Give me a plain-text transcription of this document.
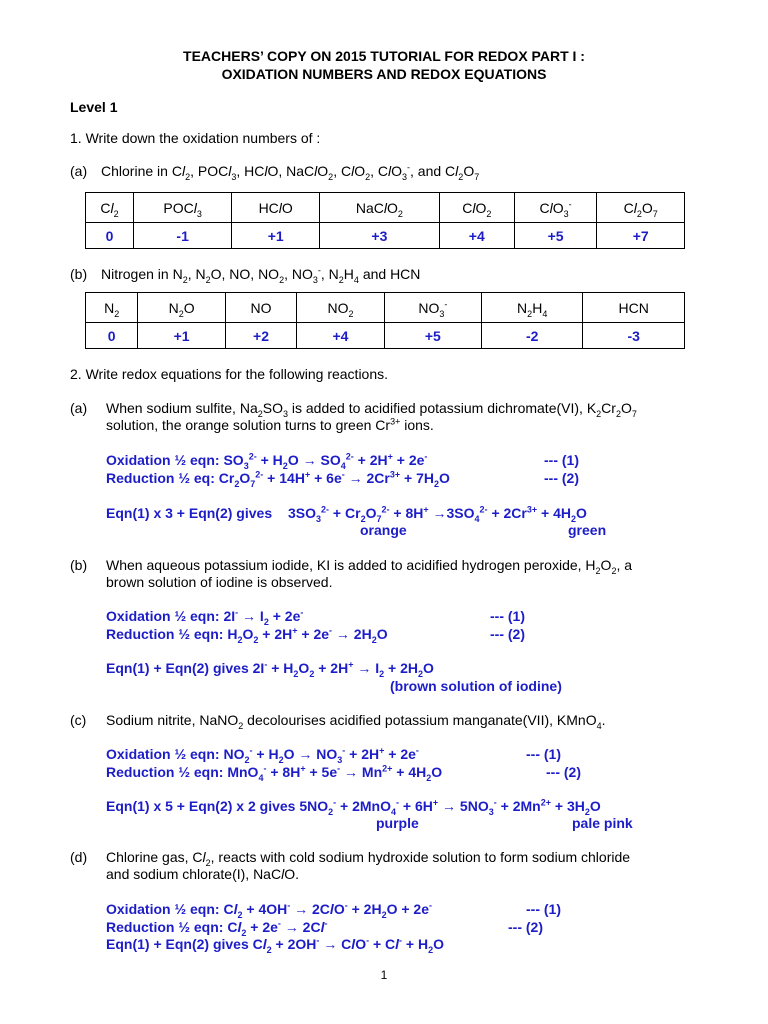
TEACHERS’ COPY ON 2015 TUTORIAL FOR REDOX PART I :
OXIDATION NUMBERS AND REDOX EQUATIONS
Level 1
1. Write down the oxidation numbers of :
(a) Chlorine in $Cl_2$, POCl$_3$, HClO, NaClO$_2$, ClO$_2$, ClO$_3$-, and $Cl_2O_7$
$Cl_2$	POCl$_3$	HClO	NaClO$_2$	ClO$_2$	ClO$_3$-	$Cl_2O_7$
0	-1	+1	+3	+4	+5	+7
(b) Nitrogen in $N_2$, $N_2O$, NO, $NO_2$, $NO_3^-$, $N_2H_4$ and HCN
$N_2$	$N_2O$	NO	$NO_2$	$NO_3^-$	$N_2H_4$	HCN
0	+1	+2	+4	+5	-2	-3
2. Write redox equations for the following reactions.
(a) When sodium sulfite, $Na_2SO_3$ is added to acidified potassium dichromate(VI), $K_2Cr_2O_7$
solution, the orange solution turns to green $Cr^{3+}$ ions.
Oxidation ½ eqn: $SO_3^{2-} + H_2O \to SO_4^{2-} + 2H^+ + 2e^-$	--- (1)
Reduction ½ eq: $Cr_2O_7^{2-} + 14H^+ + 6e^- \to 2Cr^{3+} + 7H_2O$	--- (2)
Eqn(1) x 3 + Eqn(2) gives $3SO_3^{2-} + Cr_2O_7^{2-} + 8H^+ \to 3SO_4^{2-} + 2Cr^{3+} + 4H_2O$
orange	green
(b) When aqueous potassium iodide, KI is added to acidified hydrogen peroxide, $H_2O_2$, a
brown solution of iodine is observed.
Oxidation ½ eqn: $2I^- \to I_2 + 2e^-$	--- (1)
Reduction ½ eqn: $H_2O_2 + 2H^+ + 2e^- \to 2H_2O$	--- (2)
Eqn(1) + Eqn(2) gives $2I^- + H_2O_2 + 2H^+ \to I_2 + 2H_2O$
(brown solution of iodine)
(c) Sodium nitrite, NaNO$_2$ decolourises acidified potassium manganate(VII), KMnO$_4$.
Oxidation ½ eqn: $NO_2^- + H_2O \to NO_3^- + 2H^+ + 2e^-$	--- (1)
Reduction ½ eqn: $MnO_4^- + 8H^+ + 5e^- \to Mn^{2+} + 4H_2O$	--- (2)
Eqn(1) x 5 + Eqn(2) x 2 gives $5NO_2^- + 2MnO_4^- + 6H^+ \to 5NO_3^- + 2Mn^{2+} + 3H_2O$
purple	pale pink
(d) Chlorine gas, $Cl_2$, reacts with cold sodium hydroxide solution to form sodium chloride
and sodium chlorate(I), NaClO.
Oxidation ½ eqn: $Cl_2 + 4OH^- \to 2ClO^- + 2H_2O + 2e^-$	--- (1)
Reduction ½ eqn: $Cl_2 + 2e^- \to 2Cl^-$	--- (2)
Eqn(1) + Eqn(2) gives $Cl_2 + 2OH^- \to ClO^- + Cl^- + H_2O$
1
